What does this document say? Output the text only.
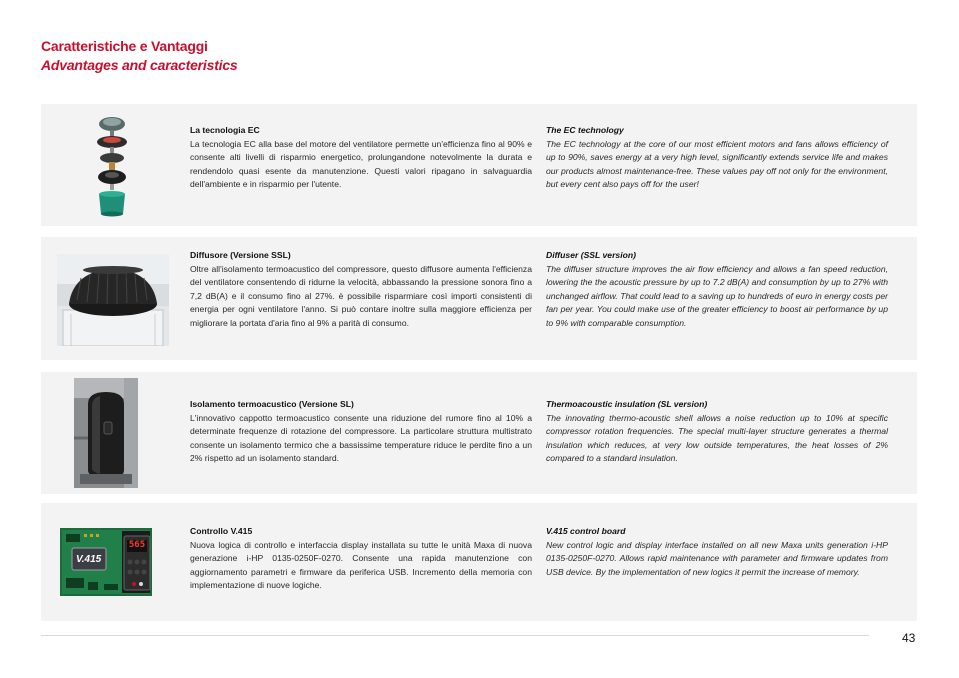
Caratteristiche e Vantaggi
Advantages and caracteristics
La tecnologia EC
La tecnologia EC alla base del motore del ventilatore permette un'efficienza fino al 90% e consente alti livelli di risparmio energetico, prolungandone notevolmente la durata e rendendolo quasi esente da manutenzione. Questi valori ripagano in salvaguardia dell'ambiente e in risparmio per l'utente.
The EC technology
The EC technology at the core of our most efficient motors and fans allows efficiency of up to 90%, saves energy at a very high level, significantly extends service life and makes our products almost maintenance-free. These values pay off not only for the environment, but every cent also pays off for the user!
Diffusore (Versione SSL)
Oltre all'isolamento termoacustico del compressore, questo diffusore aumenta l'efficienza del ventilatore consentendo di ridurne la velocità, abbassando la pressione sonora fino a 7,2 dB(A) e il consumo fino al 27%. è possibile risparmiare così importi consistenti di energia per ogni ventilatore l'anno. Si può contare inoltre sulla maggiore efficienza per migliorare la portata d'aria fino al 9% a parità di consumo.
Diffuser (SSL version)
The diffuser structure improves the air flow efficiency and allows a fan speed reduction, lowering the the acoustic pressure by up to 7.2 dB(A) and consumption by up to 27% with unchanged airflow. That could lead to a saving up to hundreds of euro in energy costs per fan per year. You could make use of the greater efficiency to boost air performance by up to 9% with comparable consumption.
Isolamento termoacustico (Versione SL)
L'innovativo cappotto termoacustico consente una riduzione del rumore fino al 10% a determinate frequenze di rotazione del compressore. La particolare struttura multistrato consente un isolamento termico che a bassissime temperature riduce le perdite fino a un 2% rispetto ad un isolamento standard.
Thermoacoustic insulation (SL version)
The innovating thermo-acoustic shell allows a noise reduction up to 10% at specific compressor rotation frequencies. The special multi-layer structure generates a thermal insulation which reduces, at very low outside temperatures, the heat losses of 2% compared to a standard insulation.
V.415
565
Controllo V.415
Nuova logica di controllo e interfaccia display installata su tutte le unità Maxa di nuova generazione i-HP 0135-0250F-0270. Consente una rapida manutenzione con aggiornamento parametri e firmware da periferica USB. Incremento della memoria con implementazione di nuove logiche.
V.415 control board
New control logic and display interface installed on all new Maxa units generation i-HP 0135-0250F-0270. Allows rapid maintenance with parameter and firmware updates from USB device. By the implementation of new logics it permit the increase of memory.
43
